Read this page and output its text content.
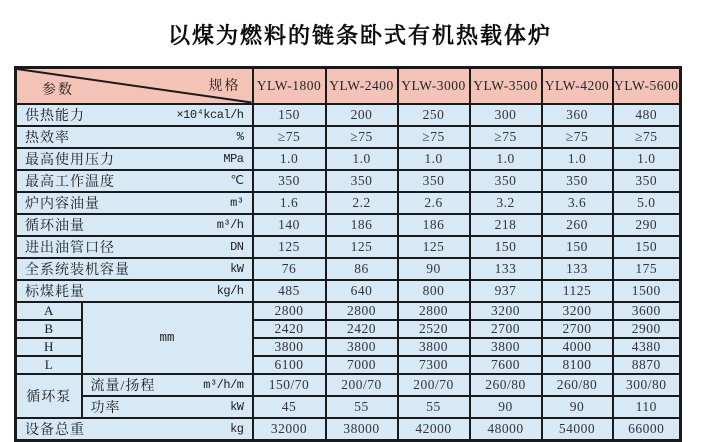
以煤为燃料的链条卧式有机热载体炉
规格
参数		YLW-1800	YLW-2400	YLW-3000	YLW-3500	YLW-4200	YLW-5600

供热能力 ×10⁴kcal/h		150	200	250	300	360	480

热效率 %		≥75	≥75	≥75	≥75	≥75	≥75

最高使用压力 MPa		1.0	1.0	1.0	1.0	1.0	1.0

最高工作温度 ℃		350	350	350	350	350	350

炉内容油量 m³		1.6	2.2	2.6	3.2	3.6	5.0

循环油量 m³/h		140	186	186	218	260	290

进出油管口径 DN		125	125	125	150	150	150

全系统装机容量 kW		76	86	90	133	133	175

标煤耗量 kg/h		485	640	800	937	1125	1500
A	mm	2800	2800	2800	3200	3200	3600
B		2420	2420	2520	2700	2700	2900
H		3800	3800	3800	3800	4000	4380
L		6100	7000	7300	7600	8100	8870
循环泵	流量/扬程 m³/h/m	150/70	200/70	200/70	260/80	260/80	300/80

	功率 kW	45	55	55	90	90	110

设备总重 kg		32000	38000	42000	48000	54000	66000
